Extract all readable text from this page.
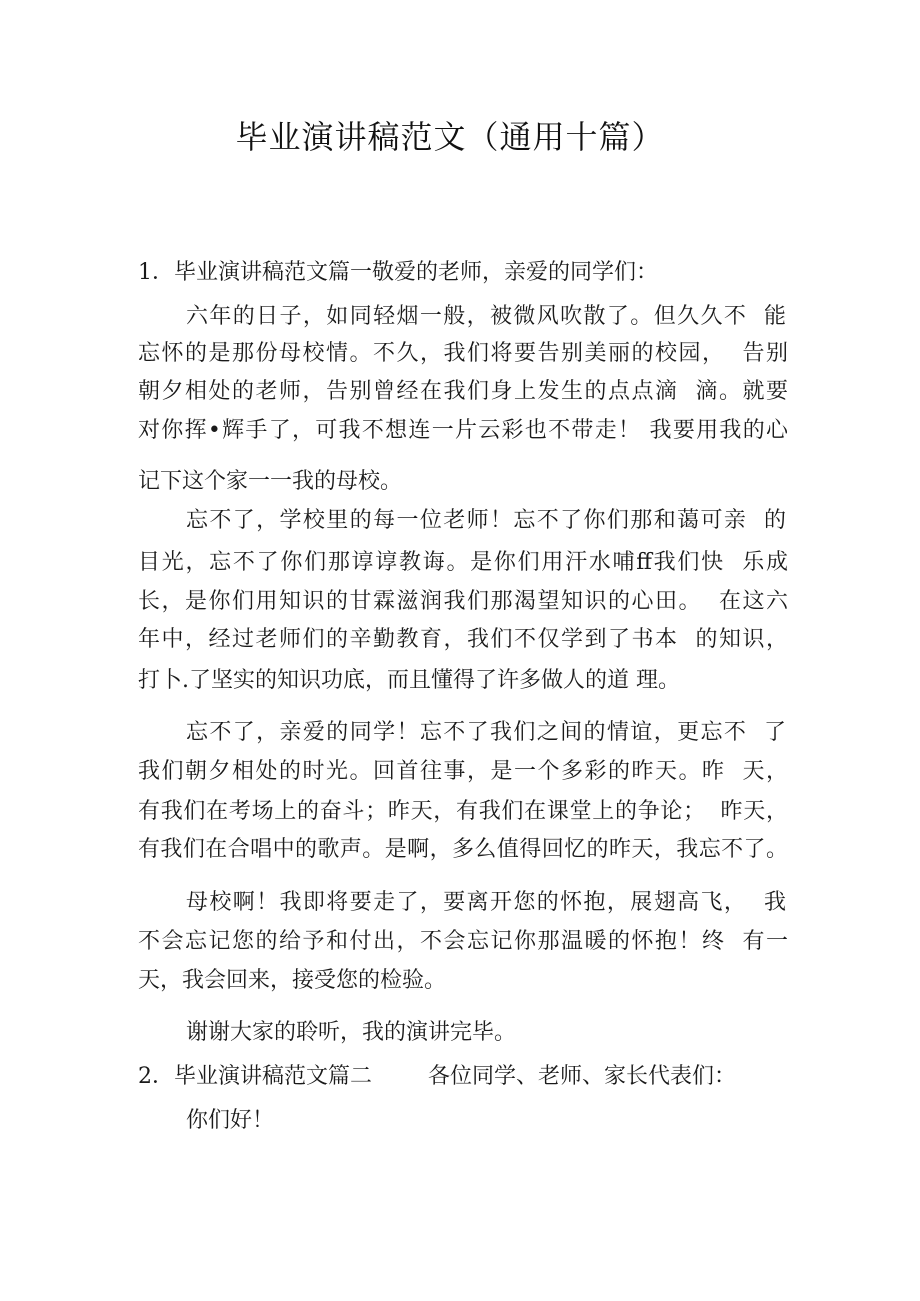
毕业演讲稿范文（通用十篇）
1．毕业演讲稿范文篇一敬爱的老师，亲爱的同学们：
六年的日子，如同轻烟一般，被微风吹散了。但久久不  能
忘怀的是那份母校情。不久，我们将要告别美丽的校园，  告别
朝夕相处的老师，告别曾经在我们身上发生的点点滴  滴。就要
对你挥•辉手了，可我不想连一片云彩也不带走！ 我要用我的心
记下这个家一一我的母校。
忘不了，学校里的每一位老师！忘不了你们那和蔼可亲  的
目光，忘不了你们那谆谆教诲。是你们用汗水哺ff我们快  乐成
长，是你们用知识的甘霖滋润我们那渴望知识的心田。  在这六
年中，经过老师们的辛勤教育，我们不仅学到了书本  的知识，
打卜.了坚实的知识功底，而且懂得了许多做人的道 理。
忘不了，亲爱的同学！忘不了我们之间的情谊，更忘不  了
我们朝夕相处的时光。回首往事，是一个多彩的昨天。昨  天，
有我们在考场上的奋斗；昨天，有我们在课堂上的争论；  昨天，
有我们在合唱中的歌声。是啊，多么值得回忆的昨天，我忘不了。
母校啊！我即将要走了，要离开您的怀抱，展翅高飞，  我
不会忘记您的给予和付出，不会忘记你那温暖的怀抱！终  有一
天，我会回来，接受您的检验。
谢谢大家的聆听，我的演讲完毕。
2．毕业演讲稿范文篇二        各位同学、老师、家长代表们：
你们好！
